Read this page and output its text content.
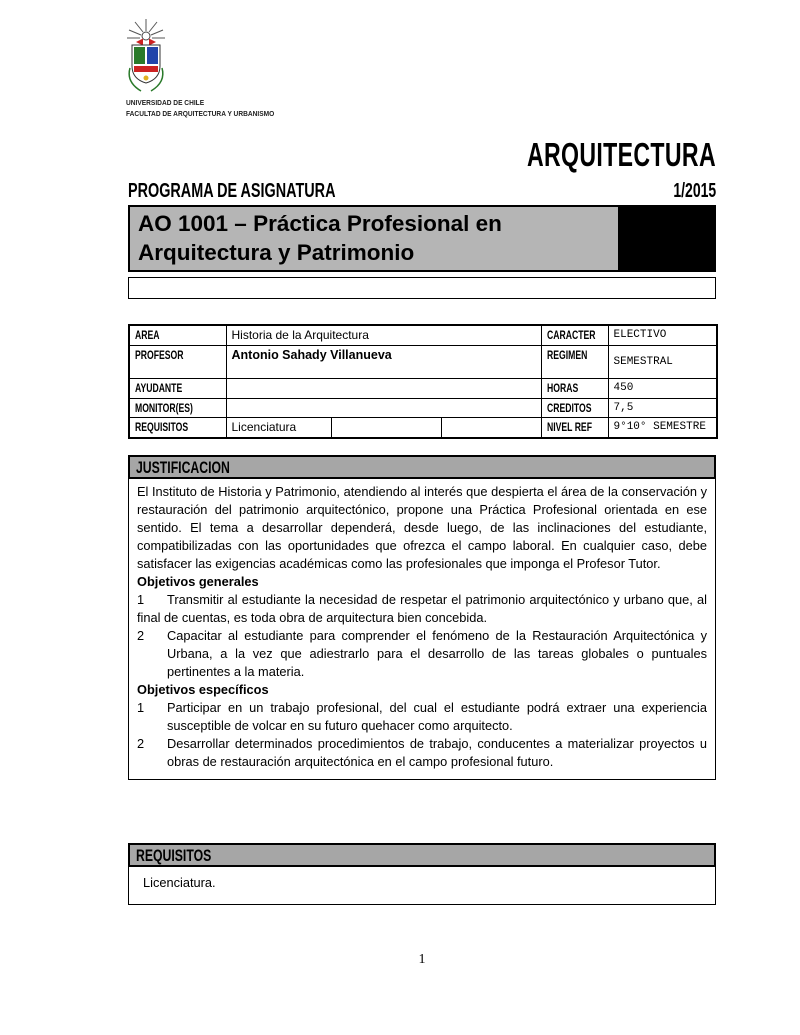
UNIVERSIDAD DE CHILE
FACULTAD DE ARQUITECTURA Y URBANISMO
ARQUITECTURA
PROGRAMA DE ASIGNATURA	1/2015
AO 1001 – Práctica Profesional en
Arquitectura y Patrimonio
AREA	Historia de la Arquitectura			CARACTER	ELECTIVO
PROFESOR	Antonio Sahady Villanueva			REGIMEN	SEMESTRAL
AYUDANTE				HORAS	450
MONITOR(ES)				CREDITOS	7,5
REQUISITOS	Licenciatura			NIVEL REF	9°10° SEMESTRE
JUSTIFICACION

El Instituto de Historia y Patrimonio, atendiendo al interés que despierta el área de la conservación y restauración del patrimonio arquitectónico, propone una Práctica Profesional orientada en ese sentido. El tema a desarrollar dependerá, desde luego, de las inclinaciones del estudiante, compatibilizadas con las oportunidades que ofrezca el campo laboral. En cualquier caso, debe satisfacer las exigencias académicas como las profesionales que imponga el Profesor Tutor.

Objetivos generales

1 Transmitir al estudiante la necesidad de respetar el patrimonio arquitectónico y urbano que, al final de cuentas, es toda obra de arquitectura bien concebida.

2	Capacitar al estudiante para comprender el fenómeno de la Restauración Arquitectónica y Urbana, a la vez que adiestrarlo para el desarrollo de las tareas globales o puntuales pertinentes a la materia.

Objetivos específicos

1	Participar en un trabajo profesional, del cual el estudiante podrá extraer una experiencia susceptible de volcar en su futuro quehacer como arquitecto.
2	Desarrollar determinados procedimientos de trabajo, conducentes a materializar proyectos u obras de restauración arquitectónica en el campo profesional futuro.
REQUISITOS
Licenciatura.
1
